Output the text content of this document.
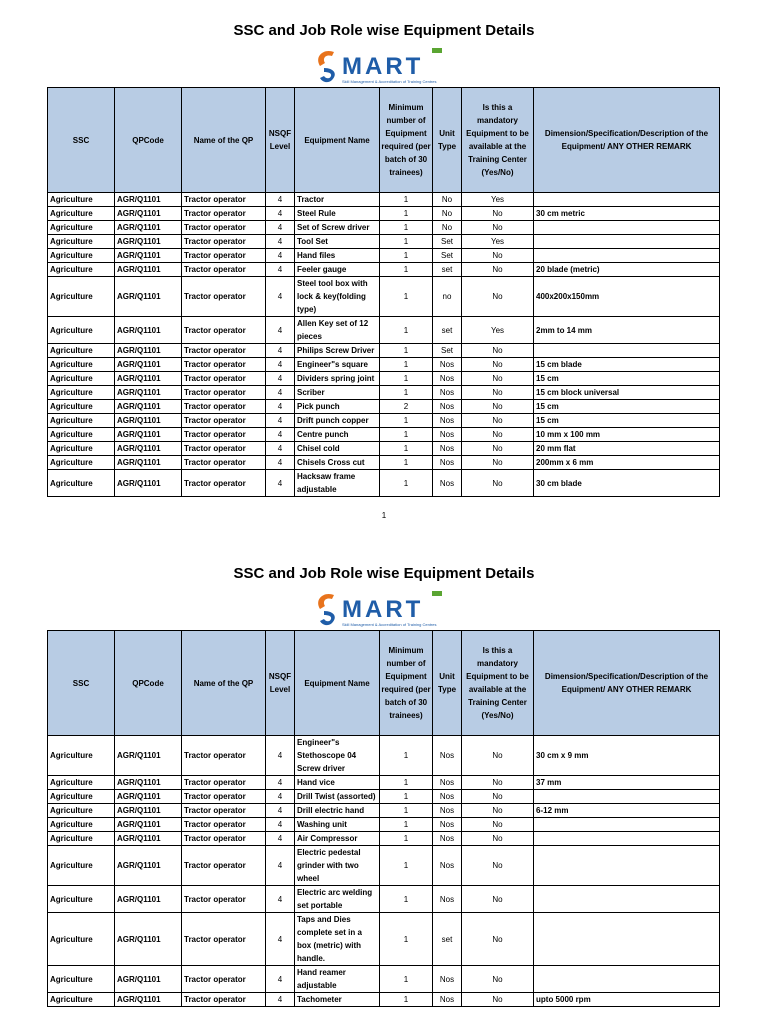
SSC and Job Role wise Equipment Details
MART
Skill Management & Accreditation of Training Centres
SSC	QPCode	Name of the QP	NSQF Level	Equipment Name	Minimum number of Equipment required (per batch of 30 trainees)	Unit Type	Is this a mandatory Equipment to be available at the Training Center (Yes/No)	Dimension/Specification/Description of the Equipment/ ANY OTHER REMARK
Agriculture	AGR/Q1101	Tractor operator	4	Tractor	1	No	Yes	
Agriculture	AGR/Q1101	Tractor operator	4	Steel Rule	1	No	No	30 cm metric
Agriculture	AGR/Q1101	Tractor operator	4	Set of Screw driver	1	No	No	
Agriculture	AGR/Q1101	Tractor operator	4	Tool Set	1	Set	Yes	
Agriculture	AGR/Q1101	Tractor operator	4	Hand files	1	Set	No	
Agriculture	AGR/Q1101	Tractor operator	4	Feeler gauge	1	set	No	20 blade (metric)
Agriculture	AGR/Q1101	Tractor operator	4	Steel tool box with lock & key(folding type)	1	no	No	400x200x150mm
Agriculture	AGR/Q1101	Tractor operator	4	Allen Key set of 12 pieces	1	set	Yes	2mm to 14 mm
Agriculture	AGR/Q1101	Tractor operator	4	Philips Screw Driver	1	Set	No	
Agriculture	AGR/Q1101	Tractor operator	4	Engineer"s square	1	Nos	No	15 cm blade
Agriculture	AGR/Q1101	Tractor operator	4	Dividers spring joint	1	Nos	No	15 cm
Agriculture	AGR/Q1101	Tractor operator	4	Scriber	1	Nos	No	15 cm block universal
Agriculture	AGR/Q1101	Tractor operator	4	Pick punch	2	Nos	No	15 cm
Agriculture	AGR/Q1101	Tractor operator	4	Drift punch copper	1	Nos	No	15 cm
Agriculture	AGR/Q1101	Tractor operator	4	Centre punch	1	Nos	No	10 mm x 100 mm
Agriculture	AGR/Q1101	Tractor operator	4	Chisel cold	1	Nos	No	20 mm flat
Agriculture	AGR/Q1101	Tractor operator	4	Chisels Cross cut	1	Nos	No	200mm x 6 mm
Agriculture	AGR/Q1101	Tractor operator	4	Hacksaw frame adjustable	1	Nos	No	30 cm blade
1
SSC and Job Role wise Equipment Details
MART
Skill Management & Accreditation of Training Centres
SSC	QPCode	Name of the QP	NSQF Level	Equipment Name	Minimum number of Equipment required (per batch of 30 trainees)	Unit Type	Is this a mandatory Equipment to be available at the Training Center (Yes/No)	Dimension/Specification/Description of the Equipment/ ANY OTHER REMARK
Agriculture	AGR/Q1101	Tractor operator	4	Engineer"s Stethoscope 04 Screw driver	1	Nos	No	30 cm x 9 mm
Agriculture	AGR/Q1101	Tractor operator	4	Hand vice	1	Nos	No	37 mm
Agriculture	AGR/Q1101	Tractor operator	4	Drill Twist (assorted)	1	Nos	No	
Agriculture	AGR/Q1101	Tractor operator	4	Drill electric hand	1	Nos	No	6-12 mm
Agriculture	AGR/Q1101	Tractor operator	4	Washing unit	1	Nos	No	
Agriculture	AGR/Q1101	Tractor operator	4	Air Compressor	1	Nos	No	
Agriculture	AGR/Q1101	Tractor operator	4	Electric pedestal grinder with two wheel	1	Nos	No	
Agriculture	AGR/Q1101	Tractor operator	4	Electric arc welding set portable	1	Nos	No	
Agriculture	AGR/Q1101	Tractor operator	4	Taps and Dies complete set in a box (metric) with handle.	1	set	No	
Agriculture	AGR/Q1101	Tractor operator	4	Hand reamer adjustable	1	Nos	No	
Agriculture	AGR/Q1101	Tractor operator	4	Tachometer	1	Nos	No	upto 5000 rpm
